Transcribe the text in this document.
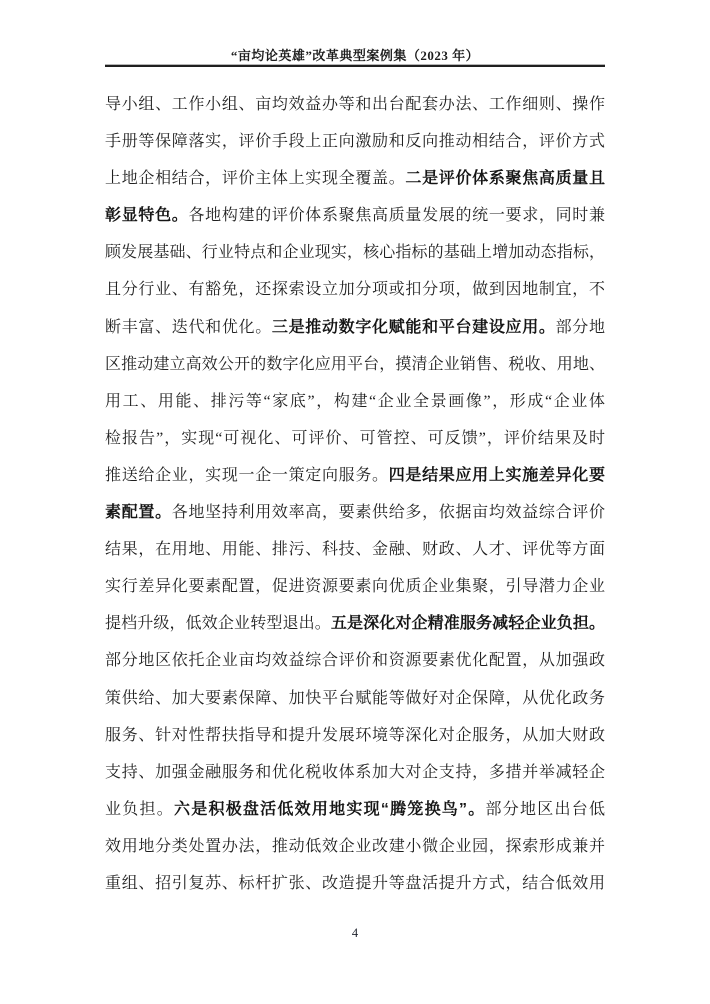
“亩均论英雄”改革典型案例集（2023 年）
导小组、工作小组、亩均效益办等和出台配套办法、工作细则、操作
手册等保障落实，评价手段上正向激励和反向推动相结合，评价方式
上地企相结合，评价主体上实现全覆盖。二是评价体系聚焦高质量且
彰显特色。各地构建的评价体系聚焦高质量发展的统一要求，同时兼
顾发展基础、行业特点和企业现实，核心指标的基础上增加动态指标，
且分行业、有豁免，还探索设立加分项或扣分项，做到因地制宜，不
断丰富、迭代和优化。三是推动数字化赋能和平台建设应用。部分地
区推动建立高效公开的数字化应用平台，摸清企业销售、税收、用地、
用工、用能、排污等“家底”，构建“企业全景画像”，形成“企业体
检报告”，实现“可视化、可评价、可管控、可反馈”，评价结果及时
推送给企业，实现一企一策定向服务。四是结果应用上实施差异化要
素配置。各地坚持利用效率高，要素供给多，依据亩均效益综合评价
结果，在用地、用能、排污、科技、金融、财政、人才、评优等方面
实行差异化要素配置，促进资源要素向优质企业集聚，引导潜力企业
提档升级，低效企业转型退出。五是深化对企精准服务减轻企业负担。
部分地区依托企业亩均效益综合评价和资源要素优化配置，从加强政
策供给、加大要素保障、加快平台赋能等做好对企保障，从优化政务
服务、针对性帮扶指导和提升发展环境等深化对企服务，从加大财政
支持、加强金融服务和优化税收体系加大对企支持，多措并举减轻企
业负担。六是积极盘活低效用地实现“腾笼换鸟”。部分地区出台低
效用地分类处置办法，推动低效企业改建小微企业园，探索形成兼并
重组、招引复苏、标杆扩张、改造提升等盘活提升方式，结合低效用
4
